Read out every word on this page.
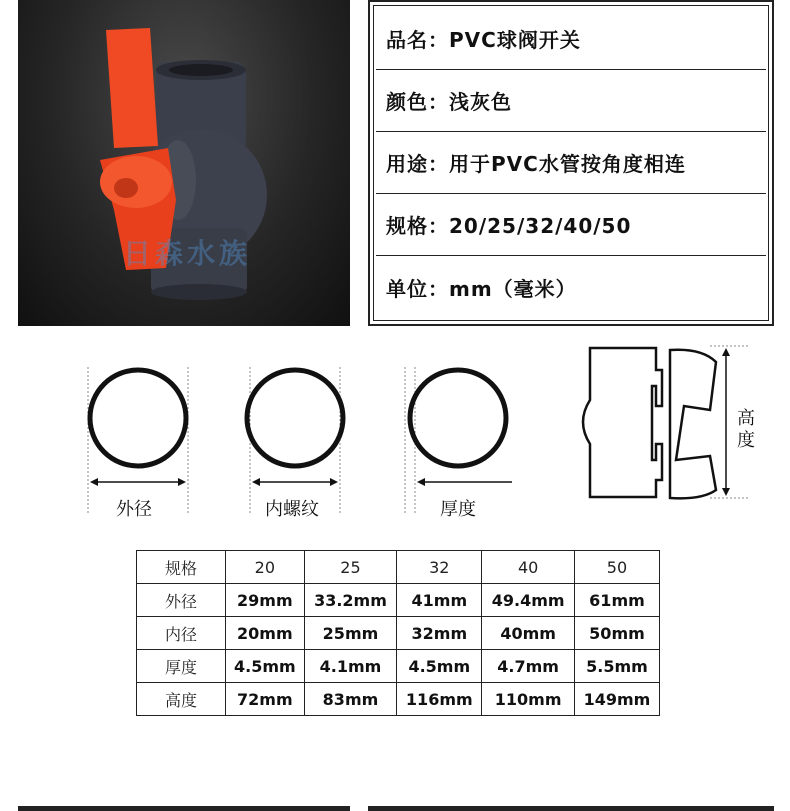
日森水族
品名：PVC球阀开关
颜色：浅灰色
用途：用于PVC水管按角度相连
规格：20/25/32/40/50
单位：mm（毫米）
外径	内螺纹	厚度
高度
规格	20	25	32	40	50
外径	29mm	33.2mm	41mm	49.4mm	61mm
内径	20mm	25mm	32mm	40mm	50mm
厚度	4.5mm	4.1mm	4.5mm	4.7mm	5.5mm
高度	72mm	83mm	116mm	110mm	149mm
